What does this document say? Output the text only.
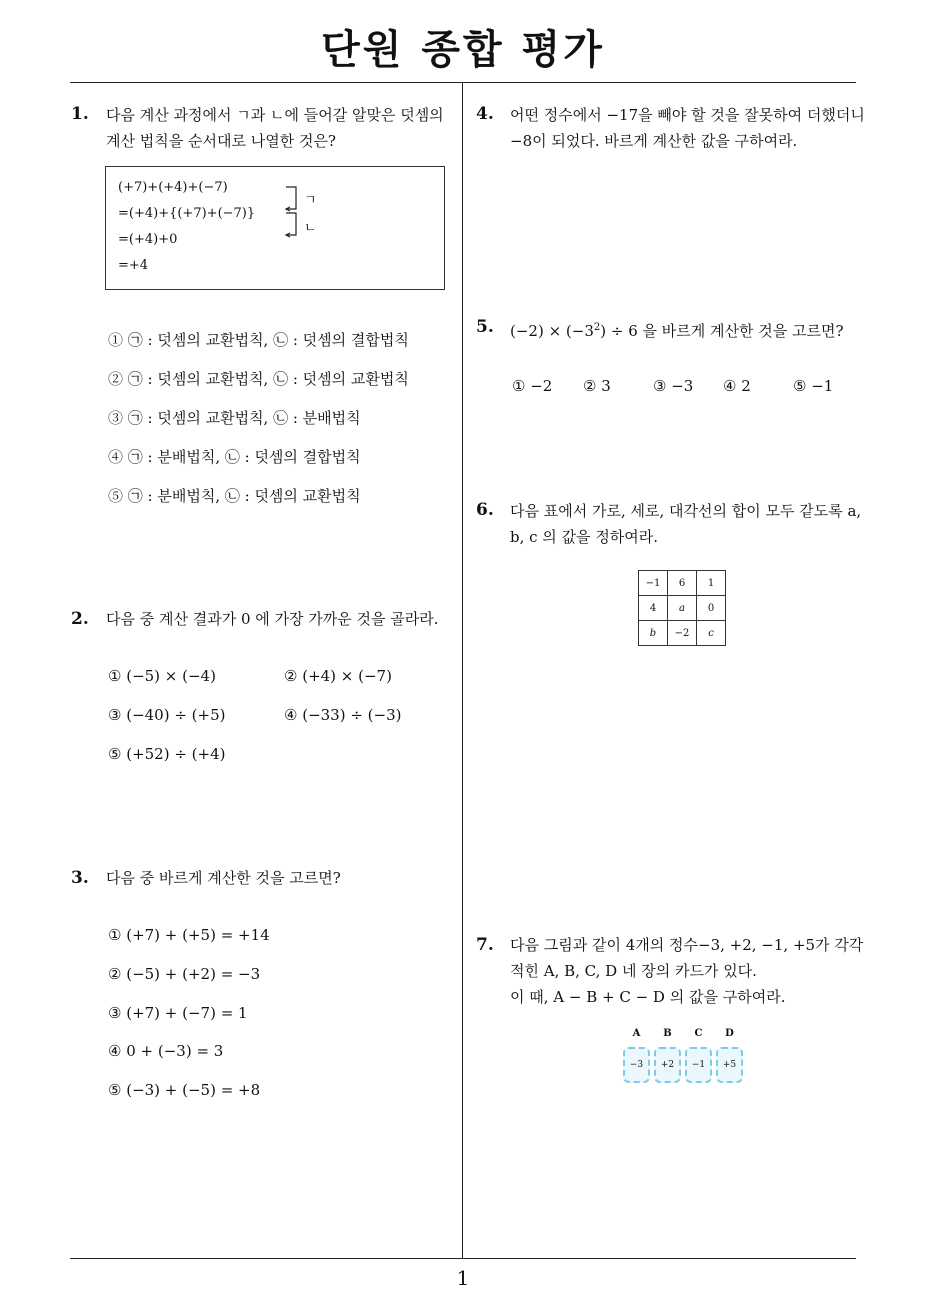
단원 종합 평가
1
1. 다음 계산 과정에서 ㄱ과 ㄴ에 들어갈 알맞은 덧셈의
계산 법칙을 순서대로 나열한 것은?
(+7)+(+4)+(−7)
=(+4)+{(+7)+(−7)}
=(+4)+0
=+4
ㄱ
ㄴ
① ㉠ : 덧셈의 교환법칙, ㉡ : 덧셈의 결합법칙
② ㉠ : 덧셈의 교환법칙, ㉡ : 덧셈의 교환법칙
③ ㉠ : 덧셈의 교환법칙, ㉡ : 분배법칙
④ ㉠ : 분배법칙, ㉡ : 덧셈의 결합법칙
⑤ ㉠ : 분배법칙, ㉡ : 덧셈의 교환법칙
2. 다음 중 계산 결과가 0 에 가장 가까운 것을 골라라.
① (−5) × (−4)	② (+4) × (−7)
③ (−40) ÷ (+5)	④ (−33) ÷ (−3)
⑤ (+52) ÷ (+4)
3. 다음 중 바르게 계산한 것을 고르면?
① (+7) + (+5) = +14
② (−5) + (+2) = −3
③ (+7) + (−7) = 1
④ 0 + (−3) = 3
⑤ (−3) + (−5) = +8
4. 어떤 정수에서 −17을 빼야 할 것을 잘못하여 더했더니
−8이 되었다. 바르게 계산한 값을 구하여라.
5. $(-2) \times (-3^2) \div 6$ 을 바르게 계산한 것을 고르면?
① −2 ② 3	③ −3 ④ 2	⑤ −1
6. 다음 표에서 가로, 세로, 대각선의 합이 모두 같도록 a,
b, c 의 값을 정하여라.
−1	6	1
4	a	0
b	−2	c
7. 다음 그림과 같이 4개의 정수−3, +2, −1, +5가 각각
적힌 A, B, C, D 네 장의 카드가 있다.
이 때, A − B + C − D 의 값을 구하여라.
A	B	C	D
−3	+2	−1	+5
